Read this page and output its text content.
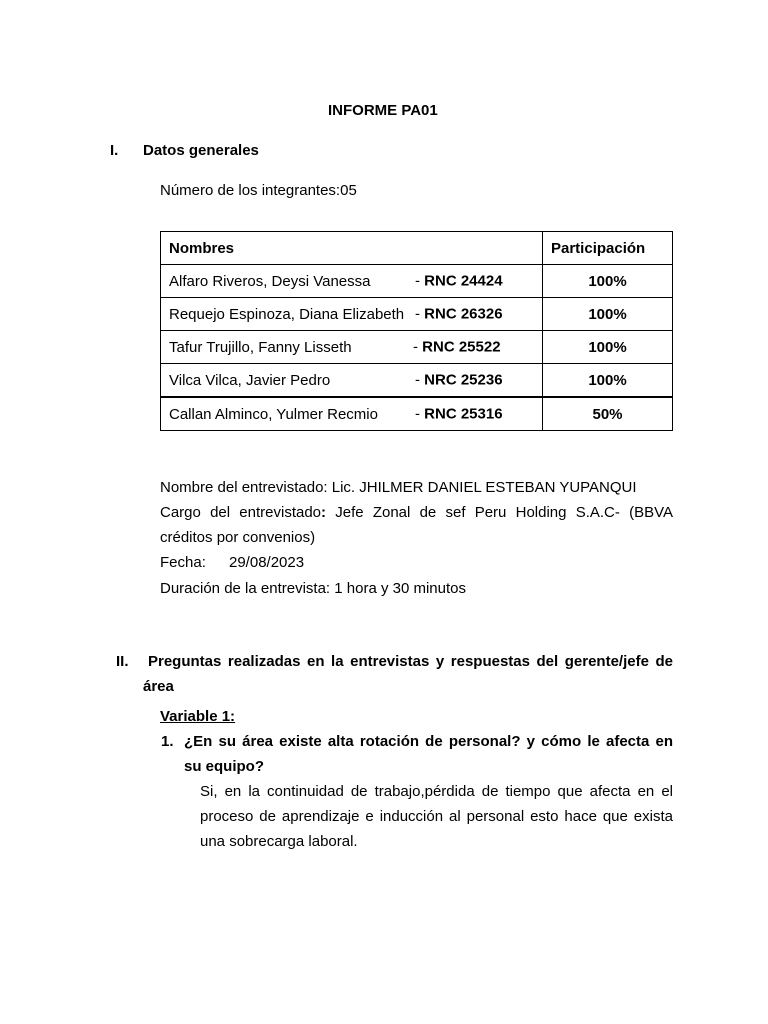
INFORME PA01
I. Datos generales
Número de los integrantes:05
Nombres	Participación
Alfaro Riveros, Deysi Vanessa - RNC 24424	100%
Requejo Espinoza, Diana Elizabeth - RNC 26326	100%
Tafur Trujillo, Fanny Lisseth - RNC 25522	100%
Vilca Vilca, Javier Pedro - NRC 25236	100%
Callan Alminco, Yulmer Recmio - RNC 25316	50%
Nombre del entrevistado: Lic. JHILMER DANIEL ESTEBAN YUPANQUI
Cargo del entrevistado: Jefe Zonal de sef Peru Holding S.A.C- (BBVA
créditos por convenios)
Fecha: 29/08/2023
Duración de la entrevista: 1 hora y 30 minutos
II. Preguntas realizadas en la entrevistas y respuestas del gerente/jefe de
área
Variable 1:
1. ¿En su área existe alta rotación de personal? y cómo le afecta en
su equipo?
Si, en la continuidad de trabajo,pérdida de tiempo que afecta en el
proceso de aprendizaje e inducción al personal esto hace que exista
una sobrecarga laboral.
